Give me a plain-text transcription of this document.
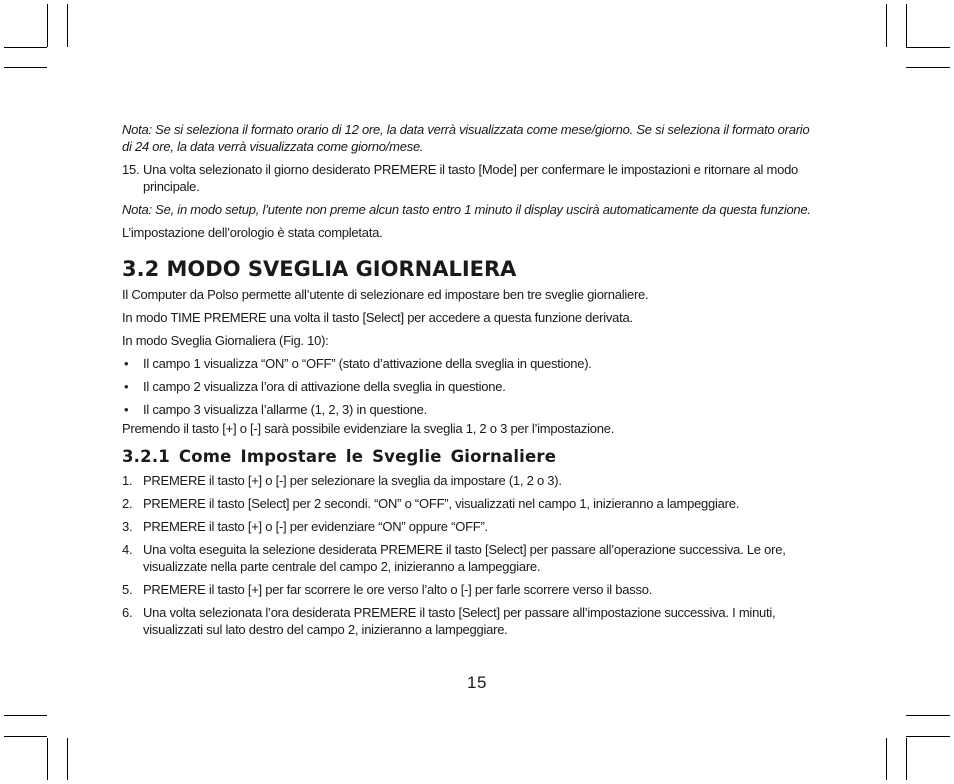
Nota: Se si seleziona il formato orario di 12 ore, la data verrà visualizzata come mese/giorno. Se si seleziona il formato orario di 24 ore, la data verrà visualizzata come giorno/mese.

15. Una volta selezionato il giorno desiderato PREMERE il tasto [Mode] per confermare le impostazioni e ritornare al modo principale.

Nota: Se, in modo setup, l’utente non preme alcun tasto entro 1 minuto il display uscirà automaticamente da questa funzione.

L’impostazione dell’orologio è stata completata.

3.2 MODO SVEGLIA GIORNALIERA

Il Computer da Polso permette all’utente di selezionare ed impostare ben tre sveglie giornaliere.

In modo TIME PREMERE una volta il tasto [Select] per accedere a questa funzione derivata.

In modo Sveglia Giornaliera (Fig. 10):

• Il campo 1 visualizza “ON” o “OFF” (stato d’attivazione della sveglia in questione).
• Il campo 2 visualizza l’ora di attivazione della sveglia in questione.
• Il campo 3 visualizza l’allarme (1, 2, 3) in questione.

Premendo il tasto [+] o [-] sarà possibile evidenziare la sveglia 1, 2 o 3 per l’impostazione.

3.2.1 Come Impostare le Sveglie Giornaliere
1. PREMERE il tasto [+] o [-] per selezionare la sveglia da impostare (1, 2 o 3).
2. PREMERE il tasto [Select] per 2 secondi. “ON” o “OFF”, visualizzati nel campo 1, inizieranno a lampeggiare.
3. PREMERE il tasto [+] o [-] per evidenziare “ON” oppure “OFF”.
4. Una volta eseguita la selezione desiderata PREMERE il tasto [Select] per passare all’operazione successiva. Le ore, visualizzate nella parte centrale del campo 2, inizieranno a lampeggiare.
5. PREMERE il tasto [+] per far scorrere le ore verso l’alto o [-] per farle scorrere verso il basso.
6. Una volta selezionata l’ora desiderata PREMERE il tasto [Select] per passare all’impostazione successiva. I minuti, visualizzati sul lato destro del campo 2, inizieranno a lampeggiare.
15
